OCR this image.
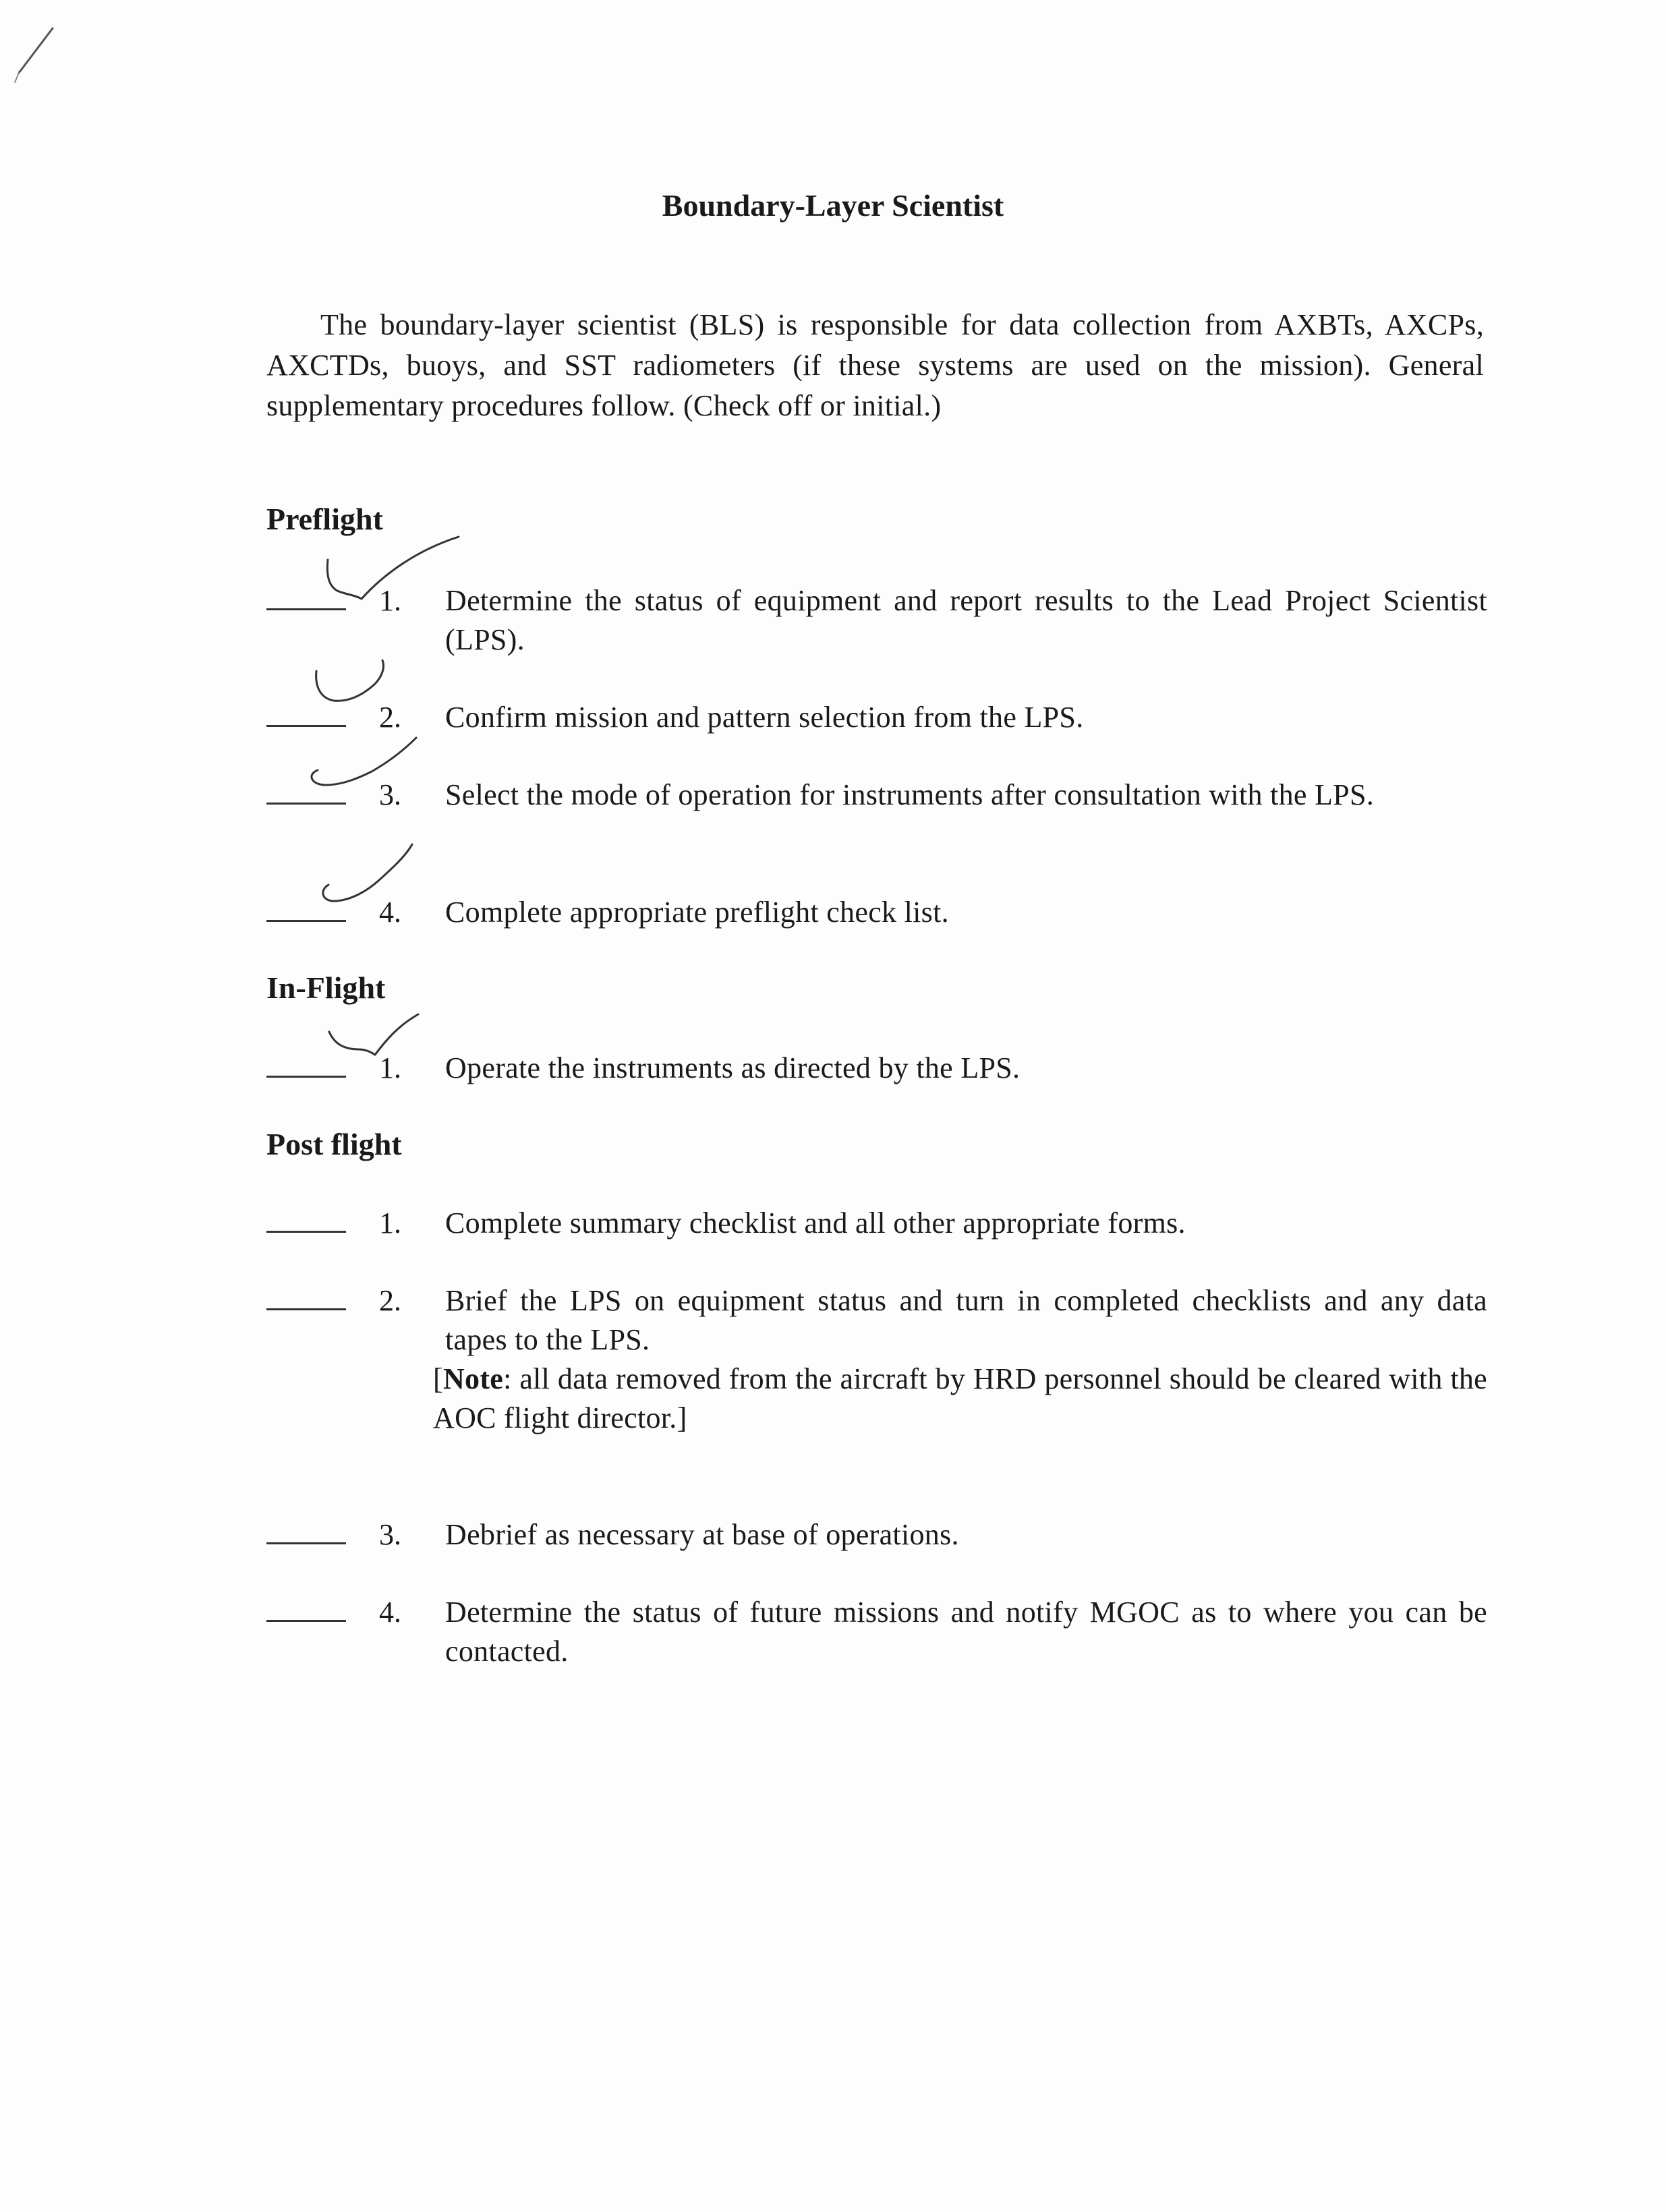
Boundary-Layer Scientist
The boundary-layer scientist (BLS) is responsible for data collection from AXBTs, AXCPs, AXCTDs, buoys, and SST radiometers (if these systems are used on the mission). General supplementary procedures follow. (Check off or initial.)
Preflight
1. Determine the status of equipment and report results to the Lead Project Scientist (LPS).
2. Confirm mission and pattern selection from the LPS.
3. Select the mode of operation for instruments after consultation with the LPS.
4. Complete appropriate preflight check list.
In-Flight
1. Operate the instruments as directed by the LPS.
Post flight
1. Complete summary checklist and all other appropriate forms.
2. Brief the LPS on equipment status and turn in completed checklists and any data tapes to the LPS.
[Note: all data removed from the aircraft by HRD personnel should be cleared with the AOC flight director.]
3. Debrief as necessary at base of operations.
4. Determine the status of future missions and notify MGOC as to where you can be contacted.
